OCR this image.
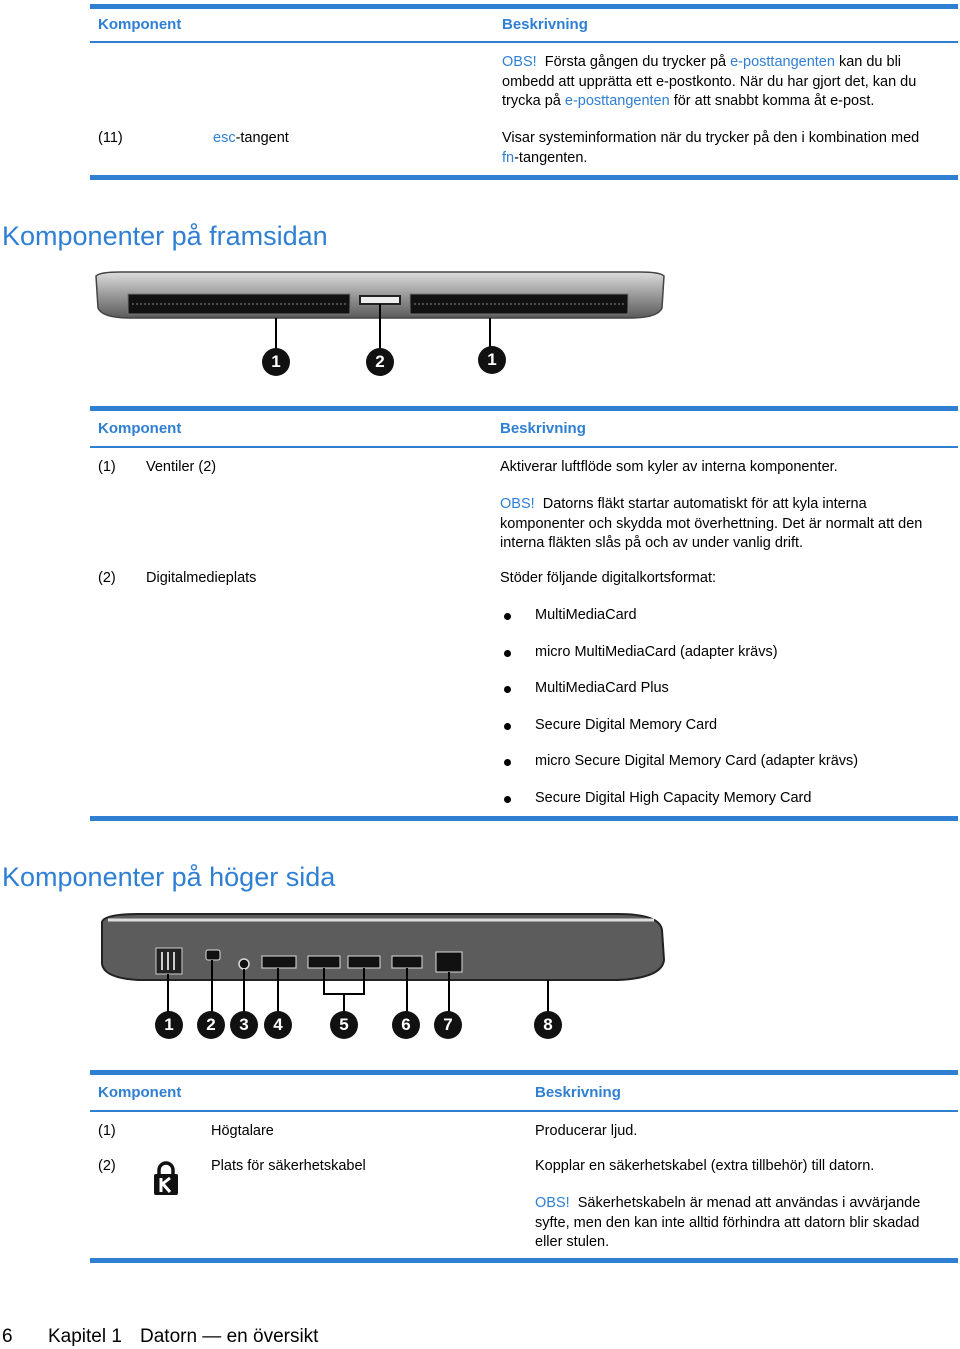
Komponent	Beskrivning
OBS! Första gången du trycker på e-posttangenten kan du bli
ombedd att upprätta ett e-postkonto. När du har gjort det, kan du
trycka på e-posttangenten för att snabbt komma åt e-post.
(11)	esc-tangent	Visar systeminformation när du trycker på den i kombination med
fn-tangenten.
Komponenter på framsidan
1	2	1
Komponent	Beskrivning
(1) Ventiler (2)	Aktiverar luftflöde som kyler av interna komponenter.
OBS! Datorns fläkt startar automatiskt för att kyla interna
komponenter och skydda mot överhettning. Det är normalt att den
interna fläkten slås på och av under vanlig drift.
(2) Digitalmedieplats	Stöder följande digitalkortsformat:
MultiMediaCard
micro MultiMediaCard (adapter krävs)
MultiMediaCard Plus
Secure Digital Memory Card
micro Secure Digital Memory Card (adapter krävs)
Secure Digital High Capacity Memory Card
Komponenter på höger sida
1	2	3	4	5	6	7	8
Komponent	Beskrivning
(1)	Högtalare	Producerar ljud.
(2)	Plats för säkerhetskabel	Kopplar en säkerhetskabel (extra tillbehör) till datorn.
OBS! Säkerhetskabeln är menad att användas i avvärjande
syfte, men den kan inte alltid förhindra att datorn blir skadad
eller stulen.
6 Kapitel 1 Datorn — en översikt
